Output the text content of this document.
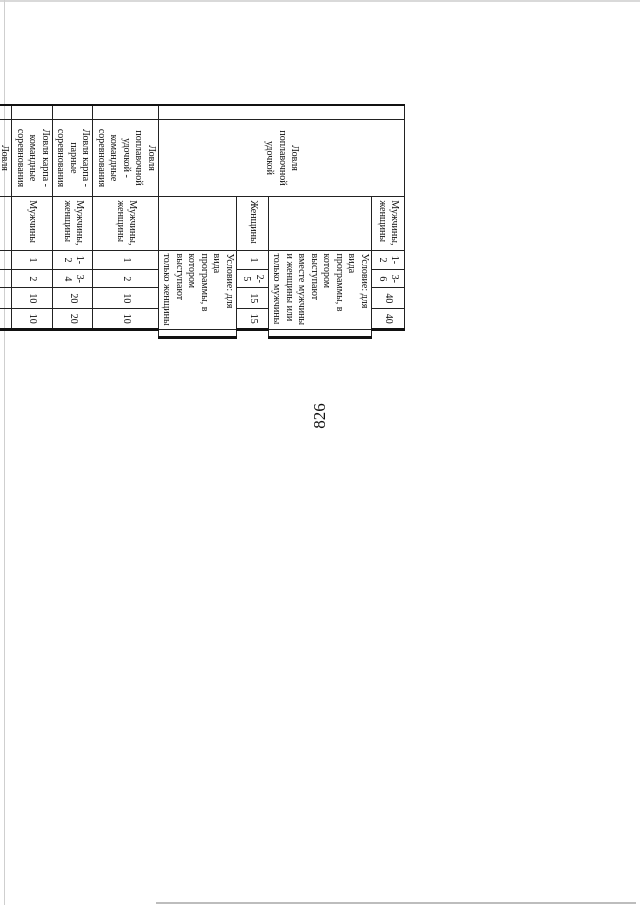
826
	Ловля поплавочной удочкой	Мужчины, женщины	1-2	3-6	40	40	
			Условие: для вида программы, в котором выступают вместе мужчины и женщины или только мужчины				
		Женщины	1	2-5	15	15	
			Условие: для вида программы, в котором выступают только женщины				
	Ловля поплавочной удочкой - командные соревнования	Мужчины, женщины	1	2	10	10	
	Ловля карпа - парные соревнования	Мужчины, женщины	1-2	3-4	20	20	
	Ловля карпа - командные соревнования	Мужчины	1	2	10	10	
	Ловля					
